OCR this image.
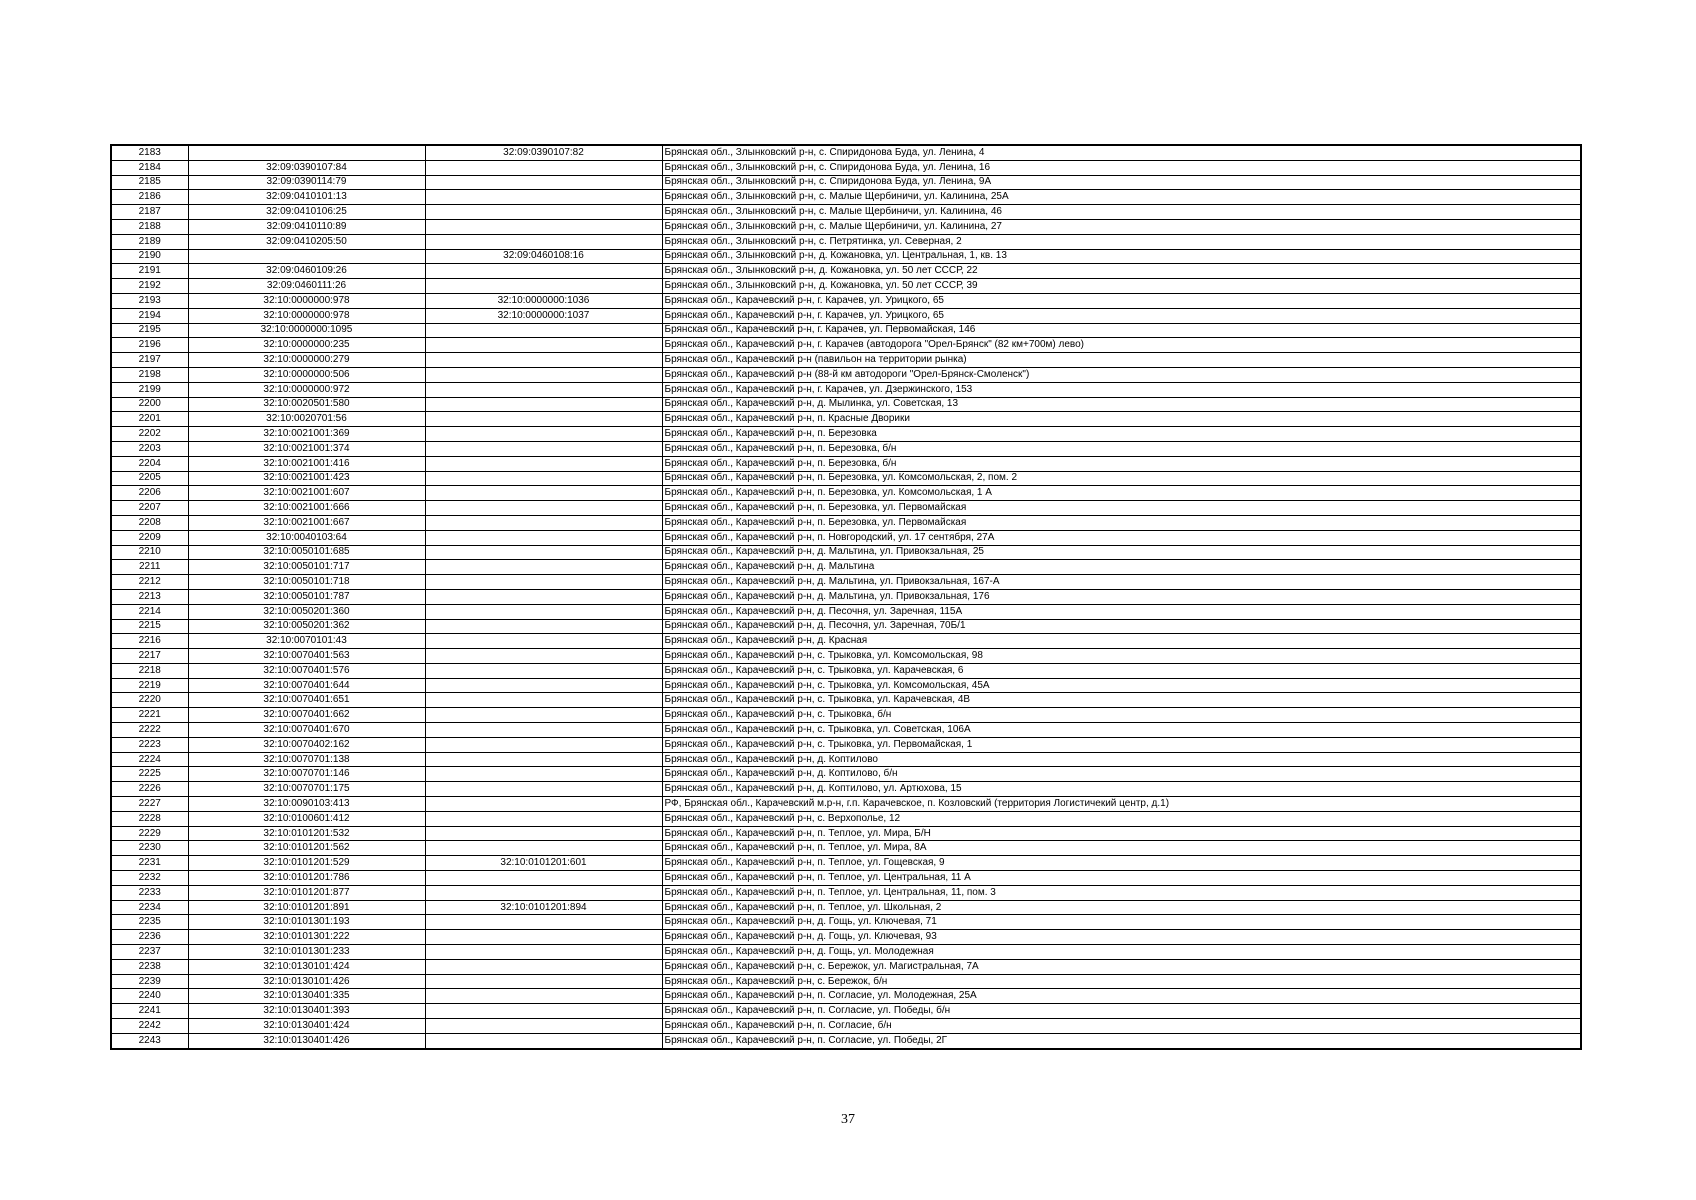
2183		32:09:0390107:82	Брянская обл., Злынковский р-н, с. Спиридонова Буда, ул. Ленина, 4
2184	32:09:0390107:84		Брянская обл., Злынковский р-н, с. Спиридонова Буда, ул. Ленина, 16
2185	32:09:0390114:79		Брянская обл., Злынковский р-н, с. Спиридонова Буда, ул. Ленина, 9А
2186	32:09:0410101:13		Брянская обл., Злынковский р-н, с. Малые Щербиничи, ул. Калинина, 25А
2187	32:09:0410106:25		Брянская обл., Злынковский р-н, с. Малые Щербиничи, ул. Калинина, 46
2188	32:09:0410110:89		Брянская обл., Злынковский р-н, с. Малые Щербиничи, ул. Калинина, 27
2189	32:09:0410205:50		Брянская обл., Злынковский р-н, с. Петрятинка, ул. Северная, 2
2190		32:09:0460108:16	Брянская обл., Злынковский р-н, д. Кожановка, ул. Центральная, 1, кв. 13
2191	32:09:0460109:26		Брянская обл., Злынковский р-н, д. Кожановка, ул. 50 лет СССР, 22
2192	32:09:0460111:26		Брянская обл., Злынковский р-н, д. Кожановка, ул. 50 лет СССР, 39
2193	32:10:0000000:978	32:10:0000000:1036	Брянская обл., Карачевский р-н, г. Карачев, ул. Урицкого, 65
2194	32:10:0000000:978	32:10:0000000:1037	Брянская обл., Карачевский р-н, г. Карачев, ул. Урицкого, 65
2195	32:10:0000000:1095		Брянская обл., Карачевский р-н, г. Карачев, ул. Первомайская, 146
2196	32:10:0000000:235		Брянская обл., Карачевский р-н, г. Карачев (автодорога "Орел-Брянск" (82 км+700м) лево)
2197	32:10:0000000:279		Брянская обл., Карачевский р-н (павильон на территории рынка)
2198	32:10:0000000:506		Брянская обл., Карачевский р-н (88-й км автодороги "Орел-Брянск-Смоленск")
2199	32:10:0000000:972		Брянская обл., Карачевский р-н, г. Карачев, ул. Дзержинского, 153
2200	32:10:0020501:580		Брянская обл., Карачевский р-н, д. Мылинка, ул. Советская, 13
2201	32:10:0020701:56		Брянская обл., Карачевский р-н, п. Красные Дворики
2202	32:10:0021001:369		Брянская обл., Карачевский р-н, п. Березовка
2203	32:10:0021001:374		Брянская обл., Карачевский р-н, п. Березовка, б/н
2204	32:10:0021001:416		Брянская обл., Карачевский р-н, п. Березовка, б/н
2205	32:10:0021001:423		Брянская обл., Карачевский р-н, п. Березовка, ул. Комсомольская, 2, пом. 2
2206	32:10:0021001:607		Брянская обл., Карачевский р-н, п. Березовка, ул. Комсомольская, 1 А
2207	32:10:0021001:666		Брянская обл., Карачевский р-н, п. Березовка, ул. Первомайская
2208	32:10:0021001:667		Брянская обл., Карачевский р-н, п. Березовка, ул. Первомайская
2209	32:10:0040103:64		Брянская обл., Карачевский р-н, п. Новгородский, ул. 17 сентября, 27А
2210	32:10:0050101:685		Брянская обл., Карачевский р-н, д. Мальтина, ул. Привокзальная, 25
2211	32:10:0050101:717		Брянская обл., Карачевский р-н, д. Мальтина
2212	32:10:0050101:718		Брянская обл., Карачевский р-н, д. Мальтина, ул. Привокзальная, 167-А
2213	32:10:0050101:787		Брянская обл., Карачевский р-н, д. Мальтина, ул. Привокзальная, 176
2214	32:10:0050201:360		Брянская обл., Карачевский р-н, д. Песочня, ул. Заречная, 115А
2215	32:10:0050201:362		Брянская обл., Карачевский р-н, д. Песочня, ул. Заречная, 70Б/1
2216	32:10:0070101:43		Брянская обл., Карачевский р-н, д. Красная
2217	32:10:0070401:563		Брянская обл., Карачевский р-н, с. Трыковка, ул. Комсомольская, 98
2218	32:10:0070401:576		Брянская обл., Карачевский р-н, с. Трыковка, ул. Карачевская, 6
2219	32:10:0070401:644		Брянская обл., Карачевский р-н, с. Трыковка, ул. Комсомольская, 45А
2220	32:10:0070401:651		Брянская обл., Карачевский р-н, с. Трыковка, ул. Карачевская, 4В
2221	32:10:0070401:662		Брянская обл., Карачевский р-н, с. Трыковка, б/н
2222	32:10:0070401:670		Брянская обл., Карачевский р-н, с. Трыковка, ул. Советская, 106А
2223	32:10:0070402:162		Брянская обл., Карачевский р-н, с. Трыковка, ул. Первомайская, 1
2224	32:10:0070701:138		Брянская обл., Карачевский р-н, д. Коптилово
2225	32:10:0070701:146		Брянская обл., Карачевский р-н, д. Коптилово, б/н
2226	32:10:0070701:175		Брянская обл., Карачевский р-н, д. Коптилово, ул. Артюхова, 15
2227	32:10:0090103:413		РФ, Брянская обл., Карачевский м.р-н, г.п. Карачевское, п. Козловский (территория Логистичекий центр, д.1)
2228	32:10:0100601:412		Брянская обл., Карачевский р-н, с. Верхополье, 12
2229	32:10:0101201:532		Брянская обл., Карачевский р-н, п. Теплое, ул. Мира, Б/Н
2230	32:10:0101201:562		Брянская обл., Карачевский р-н, п. Теплое, ул. Мира, 8А
2231	32:10:0101201:529	32:10:0101201:601	Брянская обл., Карачевский р-н, п. Теплое, ул. Гощевская, 9
2232	32:10:0101201:786		Брянская обл., Карачевский р-н, п. Теплое, ул. Центральная, 11 А
2233	32:10:0101201:877		Брянская обл., Карачевский р-н, п. Теплое, ул. Центральная, 11, пом. 3
2234	32:10:0101201:891	32:10:0101201:894	Брянская обл., Карачевский р-н, п. Теплое, ул. Школьная, 2
2235	32:10:0101301:193		Брянская обл., Карачевский р-н, д. Гощь, ул. Ключевая, 71
2236	32:10:0101301:222		Брянская обл., Карачевский р-н, д. Гощь, ул. Ключевая, 93
2237	32:10:0101301:233		Брянская обл., Карачевский р-н, д. Гощь, ул. Молодежная
2238	32:10:0130101:424		Брянская обл., Карачевский р-н, с. Бережок, ул. Магистральная, 7А
2239	32:10:0130101:426		Брянская обл., Карачевский р-н, с. Бережок, б/н
2240	32:10:0130401:335		Брянская обл., Карачевский р-н, п. Согласие, ул. Молодежная, 25А
2241	32:10:0130401:393		Брянская обл., Карачевский р-н, п. Согласие, ул. Победы, б/н
2242	32:10:0130401:424		Брянская обл., Карачевский р-н, п. Согласие, б/н
2243	32:10:0130401:426		Брянская обл., Карачевский р-н, п. Согласие, ул. Победы, 2Г
37
